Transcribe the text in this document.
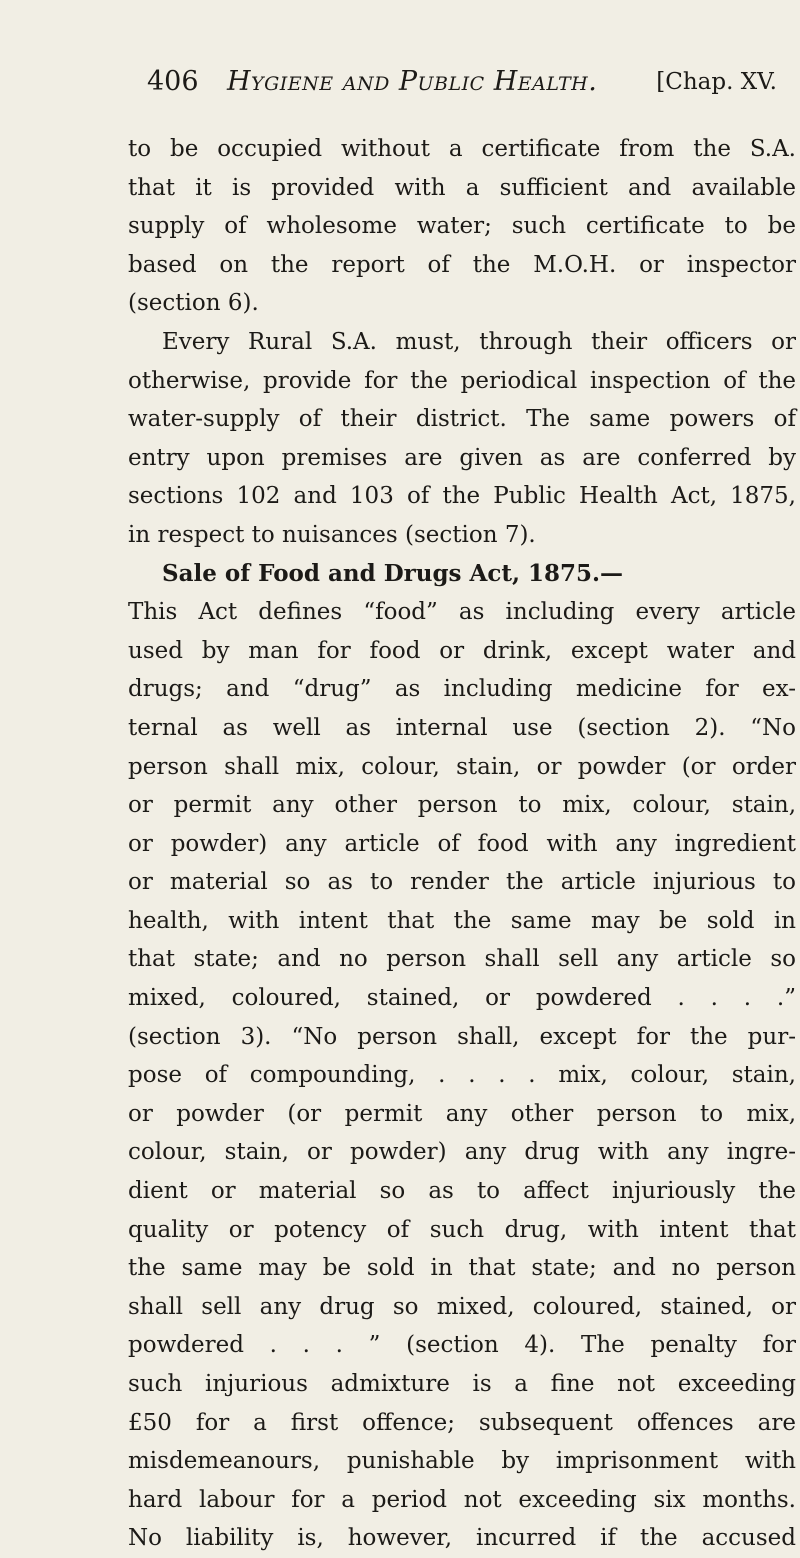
406 Hygiene and Public Health.	[Chap. XV.
to be occupied without a certificate from the S.A.
that it is provided with a sufficient and available
supply of wholesome water; such certificate to be
based on the report of the M.O.H. or inspector
(section 6).
Every Rural S.A. must, through their officers or
otherwise, provide for the periodical inspection of the
water-supply of their district. The same powers of
entry upon premises are given as are conferred by
sections 102 and 103 of the Public Health Act, 1875,
in respect to nuisances (section 7).
Sale of Food and Drugs Act, 1875.—
This Act defines “food” as including every article
used by man for food or drink, except water and
drugs; and “drug” as including medicine for ex-
ternal as well as internal use (section 2). “No
person shall mix, colour, stain, or powder (or order
or permit any other person to mix, colour, stain,
or powder) any article of food with any ingredient
or material so as to render the article injurious to
health, with intent that the same may be sold in
that state; and no person shall sell any article so
mixed, coloured, stained, or powdered . . . .”
(section 3). “No person shall, except for the pur-
pose of compounding, . . . . mix, colour, stain,
or powder (or permit any other person to mix,
colour, stain, or powder) any drug with any ingre-
dient or material so as to affect injuriously the
quality or potency of such drug, with intent that
the same may be sold in that state; and no person
shall sell any drug so mixed, coloured, stained, or
powdered . . . ” (section 4). The penalty for
such injurious admixture is a fine not exceeding
£50 for a first offence; subsequent offences are
misdemeanours, punishable by imprisonment with
hard labour for a period not exceeding six months.
No liability is, however, incurred if the accused
